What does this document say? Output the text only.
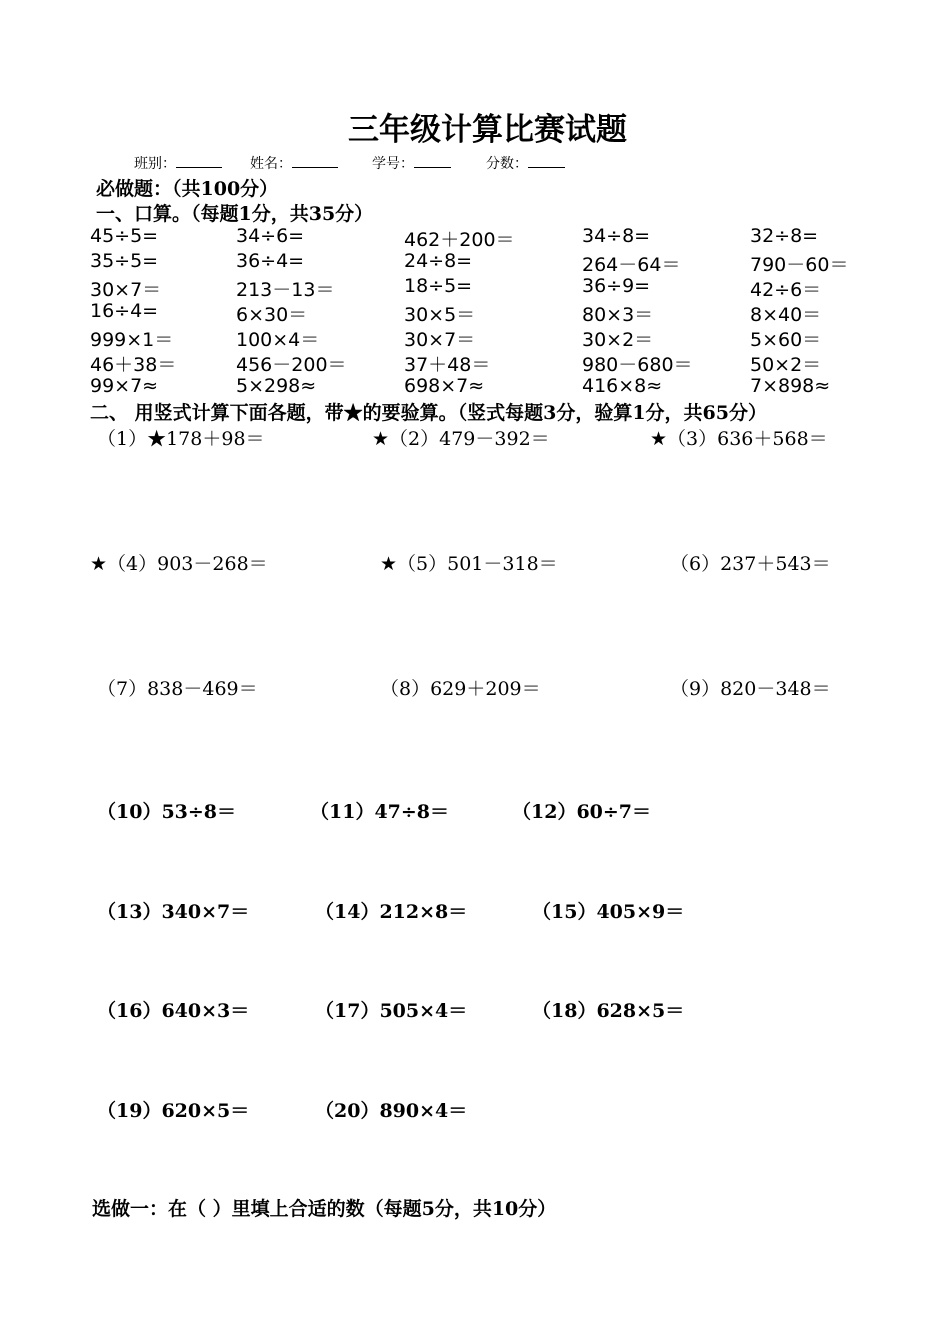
三年级计算比赛试题
班别：	姓名：	学号：	分数：
必做题：（共100分）
一、口算。（每题1分，共35分）
45÷5=	34÷6=	462＋200＝	34÷8=	32÷8=
35÷5=	36÷4=	24÷8=	264－64＝	790－60＝
30×7＝	213－13＝	18÷5=	36÷9=	42÷6＝
16÷4=	6×30＝	30×5＝	80×3＝	8×40＝
999×1＝	100×4＝	30×7＝	30×2＝	5×60＝
46＋38＝	456－200＝	37＋48＝	980－680＝	50×2＝
99×7≈	5×298≈	698×7≈	416×8≈	7×898≈
二、 用竖式计算下面各题，带★的要验算。（竖式每题3分，验算1分，共65分）
（1）★178＋98＝	★（2）479－392＝	★（3）636＋568＝
★（4）903－268＝	★（5）501－318＝	（6）237＋543＝
（7）838－469＝	（8）629＋209＝	（9）820－348＝
（10）53÷8＝	（11）47÷8＝	（12）60÷7＝
（13）340×7＝	（14）212×8＝	（15）405×9＝
（16）640×3＝	（17）505×4＝	（18）628×5＝
（19）620×5＝	（20）890×4＝
选做一：在（ ）里填上合适的数（每题5分，共10分）
